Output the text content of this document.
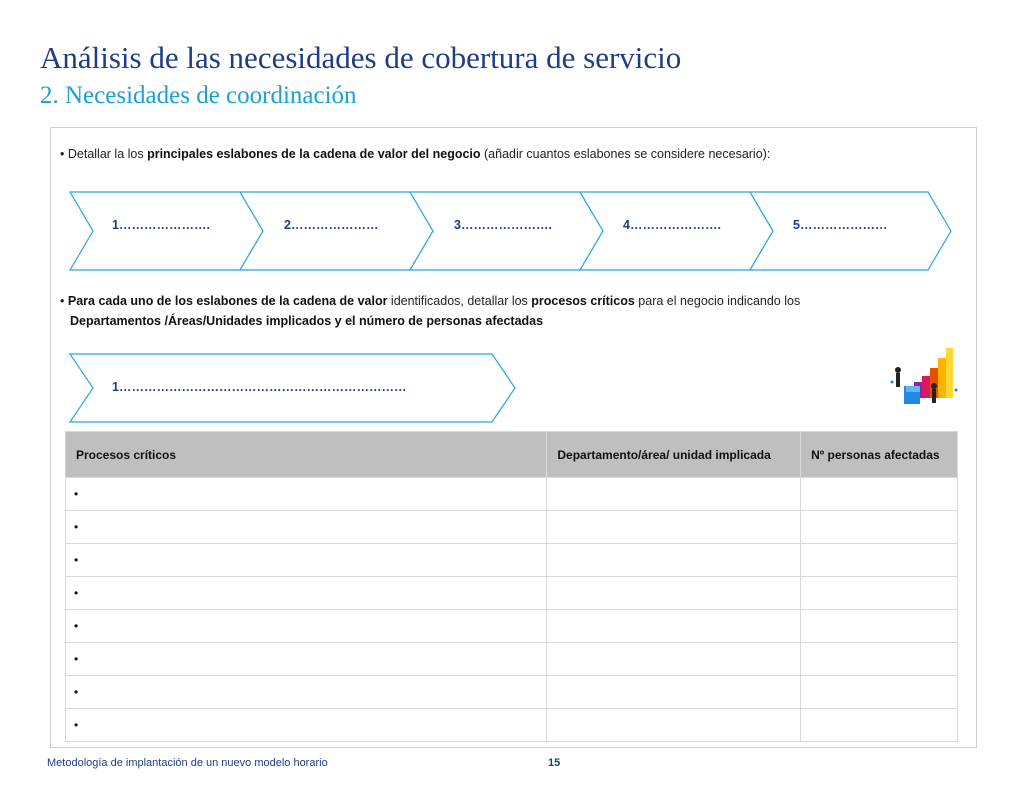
Análisis de las necesidades de cobertura de servicio
2. Necesidades de coordinación
• Detallar la los principales eslabones de la cadena de valor del negocio (añadir cuantos eslabones se considere necesario):
1………………….	2…………………	3………………….	4………………….	5…………………
• Para cada uno de los eslabones de la cadena de valor identificados, detallar los procesos críticos para el negocio indicando los
Departamentos /Áreas/Unidades implicados y el número de personas afectadas
1……………………………………………………………
Procesos críticos	Departamento/área/ unidad implicada	Nº personas afectadas
•		
•		
•		
•		
•		
•		
•		
•		
Metodología de implantación de un nuevo modelo horario	15
